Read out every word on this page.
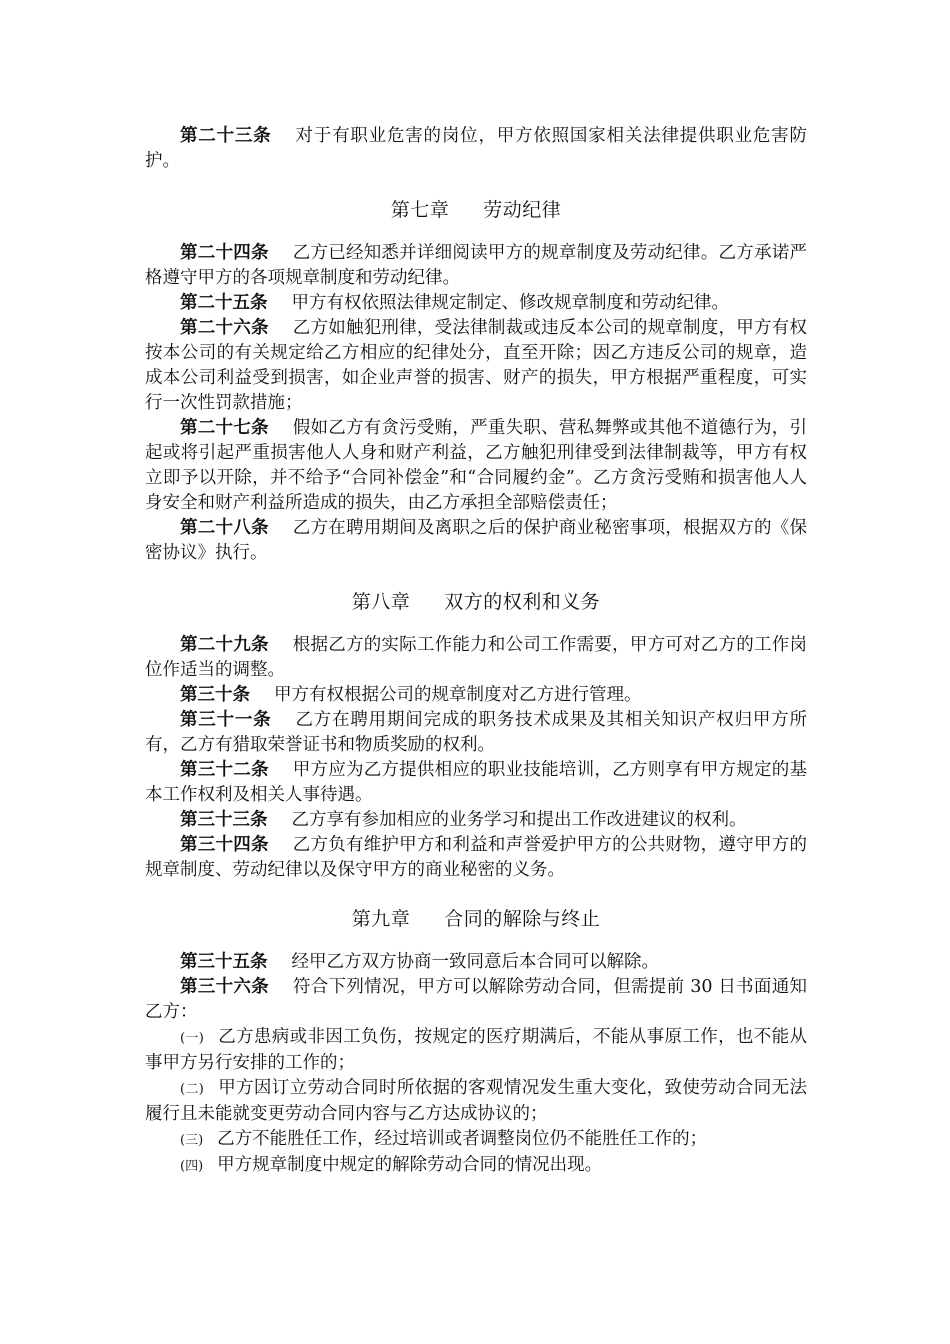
第二十三条 对于有职业危害的岗位，甲方依照国家相关法律提供职业危害防护。

第七章 劳动纪律

第二十四条 乙方已经知悉并详细阅读甲方的规章制度及劳动纪律。乙方承诺严格遵守甲方的各项规章制度和劳动纪律。

第二十五条 甲方有权依照法律规定制定、修改规章制度和劳动纪律。

第二十六条 乙方如触犯刑律，受法律制裁或违反本公司的规章制度，甲方有权按本公司的有关规定给乙方相应的纪律处分，直至开除；因乙方违反公司的规章，造成本公司利益受到损害，如企业声誉的损害、财产的损失，甲方根据严重程度，可实行一次性罚款措施；

第二十七条 假如乙方有贪污受贿，严重失职、营私舞弊或其他不道德行为，引起或将引起严重损害他人人身和财产利益，乙方触犯刑律受到法律制裁等，甲方有权立即予以开除，并不给予“合同补偿金”和“合同履约金”。乙方贪污受贿和损害他人人身安全和财产利益所造成的损失，由乙方承担全部赔偿责任；

第二十八条 乙方在聘用期间及离职之后的保护商业秘密事项，根据双方的《保密协议》执行。

第八章 双方的权利和义务

第二十九条 根据乙方的实际工作能力和公司工作需要，甲方可对乙方的工作岗位作适当的调整。

第三十条 甲方有权根据公司的规章制度对乙方进行管理。

第三十一条 乙方在聘用期间完成的职务技术成果及其相关知识产权归甲方所有，乙方有猎取荣誉证书和物质奖励的权利。

第三十二条 甲方应为乙方提供相应的职业技能培训，乙方则享有甲方规定的基本工作权利及相关人事待遇。

第三十三条 乙方享有参加相应的业务学习和提出工作改进建议的权利。

第三十四条 乙方负有维护甲方和利益和声誉爱护甲方的公共财物，遵守甲方的规章制度、劳动纪律以及保守甲方的商业秘密的义务。

第九章 合同的解除与终止

第三十五条 经甲乙方双方协商一致同意后本合同可以解除。

第三十六条 符合下列情况，甲方可以解除劳动合同，但需提前 30 日书面通知乙方：

(一) 乙方患病或非因工负伤，按规定的医疗期满后，不能从事原工作，也不能从事甲方另行安排的工作的；

(二) 甲方因订立劳动合同时所依据的客观情况发生重大变化，致使劳动合同无法履行且未能就变更劳动合同内容与乙方达成协议的；

(三) 乙方不能胜任工作，经过培训或者调整岗位仍不能胜任工作的；

(四) 甲方规章制度中规定的解除劳动合同的情况出现。
